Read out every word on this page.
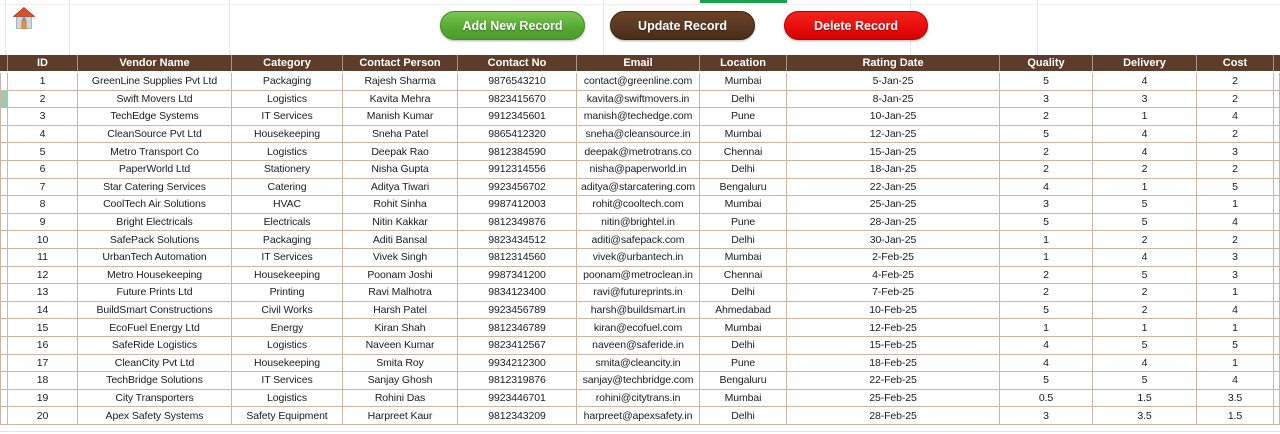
Add New Record	Update Record	Delete Record
ID	Vendor Name	Category	Contact Person	Contact No	Email	Location	Rating Date	Quality	Delivery	Cost
1	GreenLine Supplies Pvt Ltd	Packaging	Rajesh Sharma	9876543210	contact@greenline.com	Mumbai	5-Jan-25	5	4	2
2	Swift Movers Ltd	Logistics	Kavita Mehra	9823415670	kavita@swiftmovers.in	Delhi	8-Jan-25	3	3	2
3	TechEdge Systems	IT Services	Manish Kumar	9912345601	manish@techedge.com	Pune	10-Jan-25	2	1	4
4	CleanSource Pvt Ltd	Housekeeping	Sneha Patel	9865412320	sneha@cleansource.in	Mumbai	12-Jan-25	5	4	2
5	Metro Transport Co	Logistics	Deepak Rao	9812384590	deepak@metrotrans.co	Chennai	15-Jan-25	2	4	3
6	PaperWorld Ltd	Stationery	Nisha Gupta	9912314556	nisha@paperworld.in	Delhi	18-Jan-25	2	2	2
7	Star Catering Services	Catering	Aditya Tiwari	9923456702	aditya@starcatering.com	Bengaluru	22-Jan-25	4	1	5
8	CoolTech Air Solutions	HVAC	Rohit Sinha	9987412003	rohit@cooltech.com	Mumbai	25-Jan-25	3	5	1
9	Bright Electricals	Electricals	Nitin Kakkar	9812349876	nitin@brightel.in	Pune	28-Jan-25	5	5	4
10	SafePack Solutions	Packaging	Aditi Bansal	9823434512	aditi@safepack.com	Delhi	30-Jan-25	1	2	2
11	UrbanTech Automation	IT Services	Vivek Singh	9812314560	vivek@urbantech.in	Mumbai	2-Feb-25	1	4	3
12	Metro Housekeeping	Housekeeping	Poonam Joshi	9987341200	poonam@metroclean.in	Chennai	4-Feb-25	2	5	3
13	Future Prints Ltd	Printing	Ravi Malhotra	9834123400	ravi@futureprints.in	Delhi	7-Feb-25	2	2	1
14	BuildSmart Constructions	Civil Works	Harsh Patel	9923456789	harsh@buildsmart.in	Ahmedabad	10-Feb-25	5	2	4
15	EcoFuel Energy Ltd	Energy	Kiran Shah	9812346789	kiran@ecofuel.com	Mumbai	12-Feb-25	1	1	1
16	SafeRide Logistics	Logistics	Naveen Kumar	9823412567	naveen@saferide.in	Delhi	15-Feb-25	4	5	5
17	CleanCity Pvt Ltd	Housekeeping	Smita Roy	9934212300	smita@cleancity.in	Pune	18-Feb-25	4	4	1
18	TechBridge Solutions	IT Services	Sanjay Ghosh	9812319876	sanjay@techbridge.com	Bengaluru	22-Feb-25	5	5	4
19	City Transporters	Logistics	Rohini Das	9923446701	rohini@citytrans.in	Mumbai	25-Feb-25	0.5	1.5	3.5
20	Apex Safety Systems	Safety Equipment	Harpreet Kaur	9812343209	harpreet@apexsafety.in	Delhi	28-Feb-25	3	3.5	1.5
